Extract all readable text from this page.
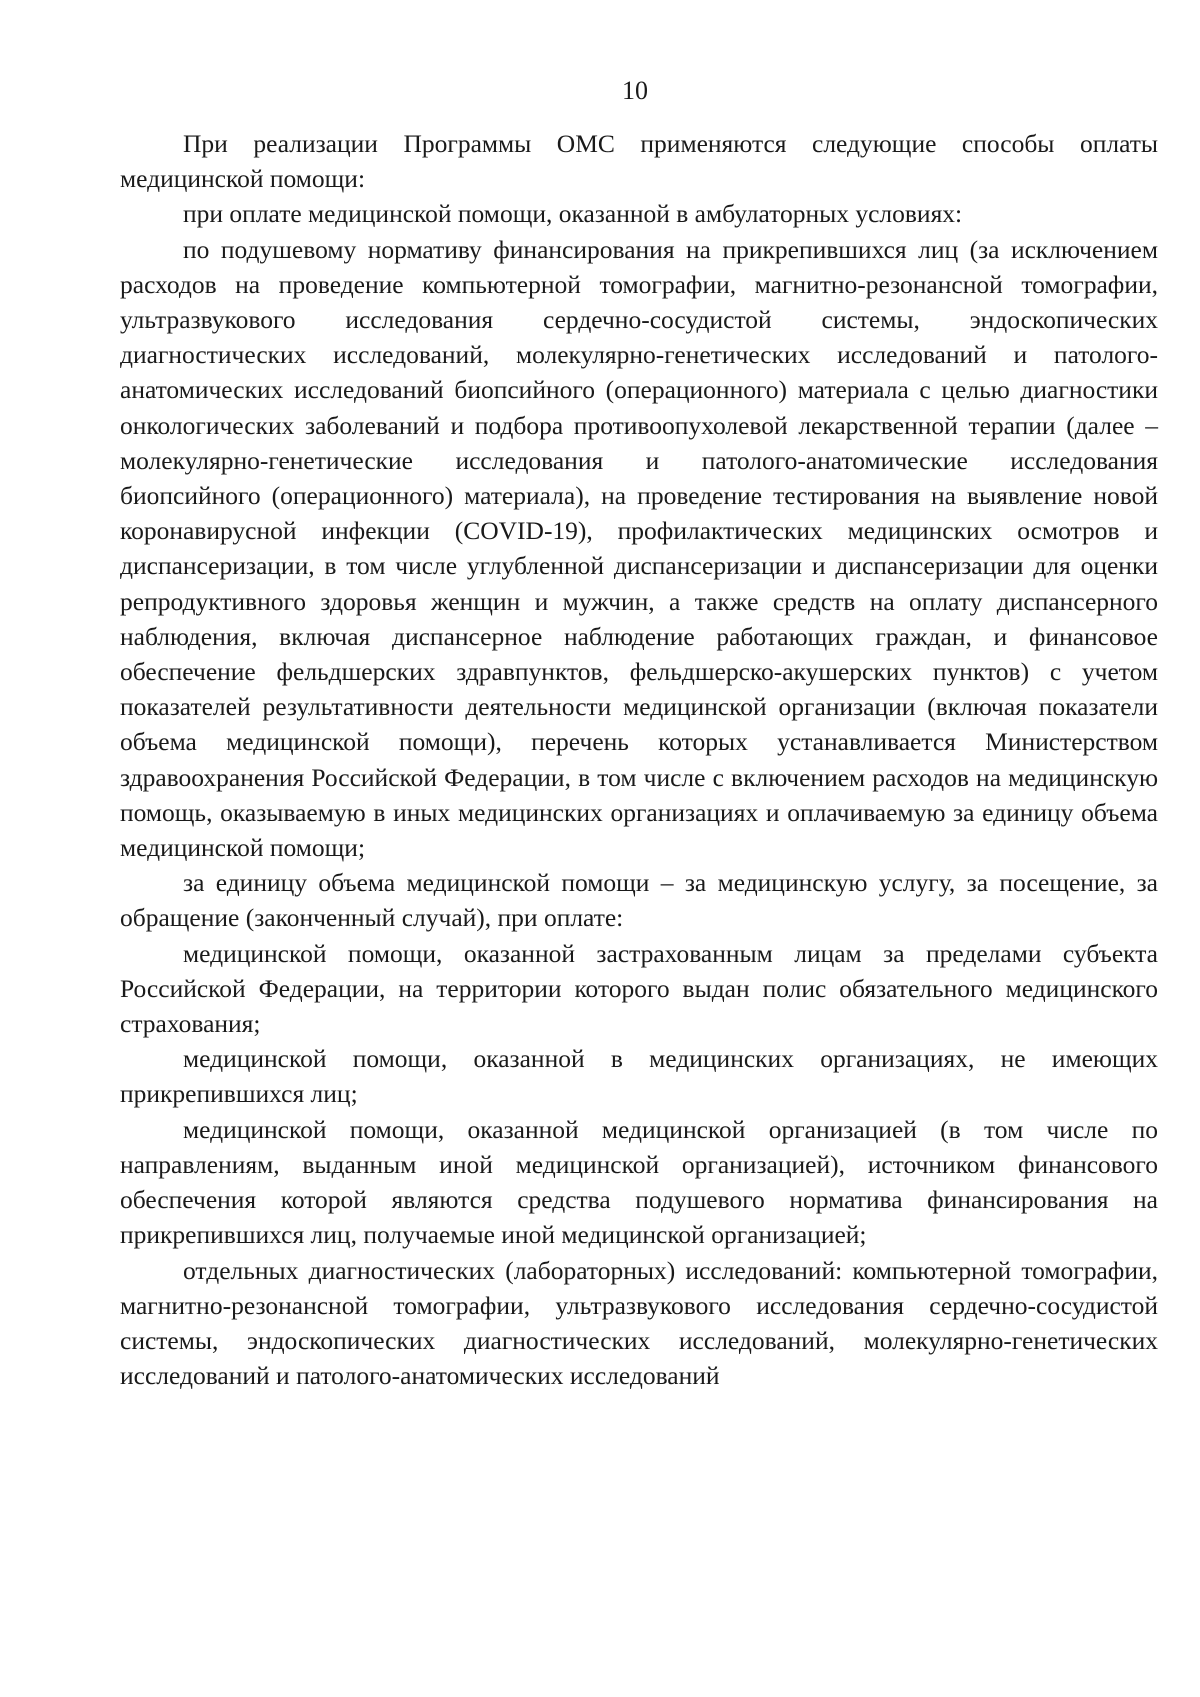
10

При реализации Программы ОМС применяются следующие способы оплаты медицинской помощи:

при оплате медицинской помощи, оказанной в амбулаторных условиях:

по подушевому нормативу финансирования на прикрепившихся лиц (за исключением расходов на проведение компьютерной томографии, магнитно-резонансной томографии, ультразвукового исследования сердечно-сосудистой системы, эндоскопических диагностических исследований, молекулярно-генетических исследований и патолого-анатомических исследований биопсийного (операционного) материала с целью диагностики онкологических заболеваний и подбора противоопухолевой лекарственной терапии (далее – молекулярно-генетические исследования и патолого-анатомические исследования биопсийного (операционного) материала), на проведение тестирования на выявление новой коронавирусной инфекции (COVID-19), профилактических медицинских осмотров и диспансеризации, в том числе углубленной диспансеризации и диспансеризации для оценки репродуктивного здоровья женщин и мужчин, а также средств на оплату диспансерного наблюдения, включая диспансерное наблюдение работающих граждан, и финансовое обеспечение фельдшерских здравпунктов, фельдшерско-акушерских пунктов) с учетом показателей результативности деятельности медицинской организации (включая показатели объема медицинской помощи), перечень которых устанавливается Министерством здравоохранения Российской Федерации, в том числе с включением расходов на медицинскую помощь, оказываемую в иных медицинских организациях и оплачиваемую за единицу объема медицинской помощи;

за единицу объема медицинской помощи – за медицинскую услугу, за посещение, за обращение (законченный случай), при оплате:

медицинской помощи, оказанной застрахованным лицам за пределами субъекта Российской Федерации, на территории которого выдан полис обязательного медицинского страхования;

медицинской помощи, оказанной в медицинских организациях, не имеющих прикрепившихся лиц;

медицинской помощи, оказанной медицинской организацией (в том числе по направлениям, выданным иной медицинской организацией), источником финансового обеспечения которой являются средства подушевого норматива финансирования на прикрепившихся лиц, получаемые иной медицинской организацией;

отдельных диагностических (лабораторных) исследований: компьютерной томографии, магнитно-резонансной томографии, ультразвукового исследования сердечно-сосудистой системы, эндоскопических диагностических исследований, молекулярно-генетических исследований и патолого-анатомических исследований
